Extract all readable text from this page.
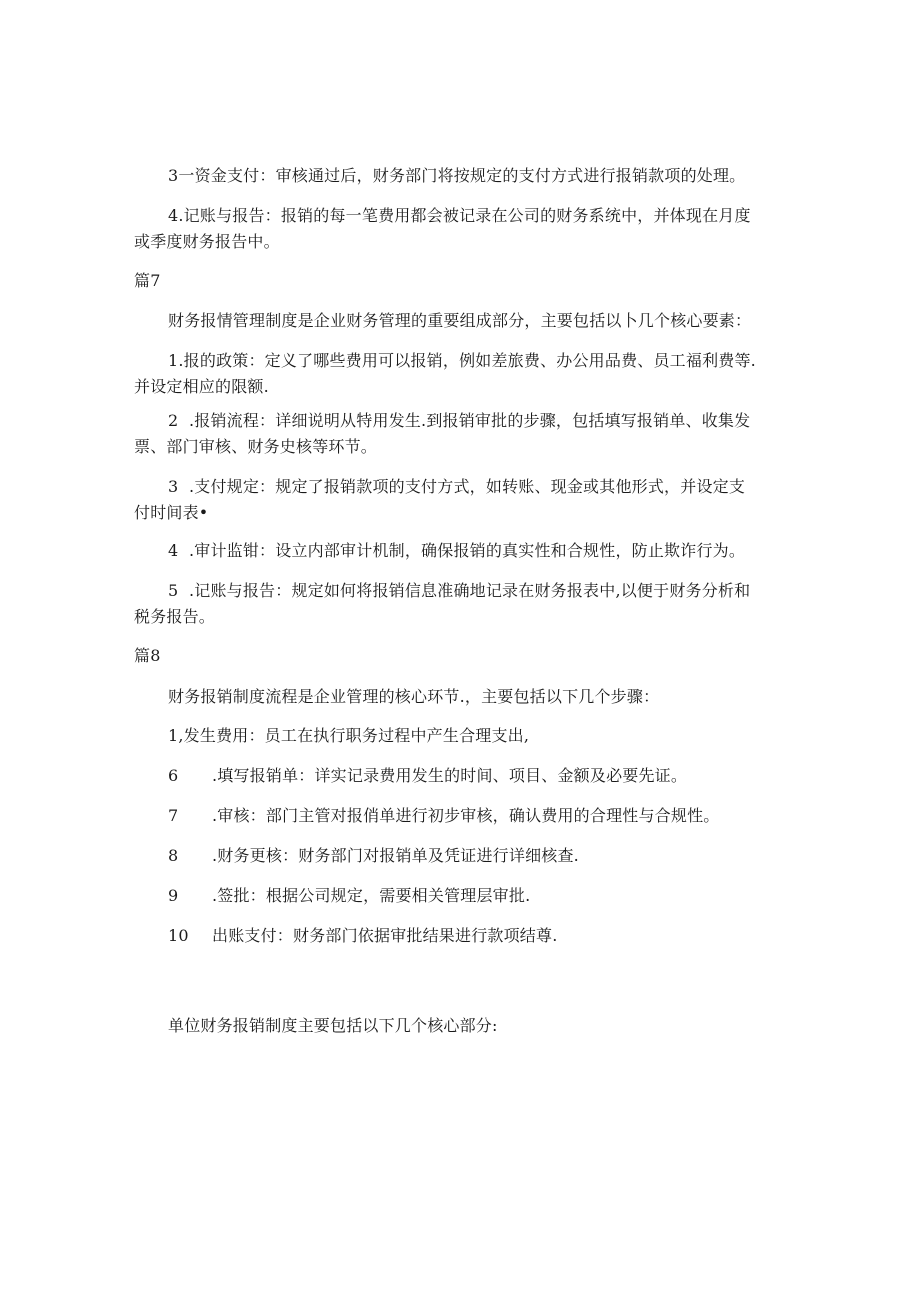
3一资金支付：审核通过后，财务部门将按规定的支付方式进行报销款项的处理。
4.记账与报告：报销的每一笔费用都会被记录在公司的财务系统中，并体现在月度
或季度财务报告中。
篇7
财务报情管理制度是企业财务管理的重要组成部分，主要包括以卜几个核心要素：
1.报的政策：定义了哪些费用可以报销，例如差旅费、办公用品费、员工福利费等.
并设定相应的限额.
2  .报销流程：详细说明从特用发生.到报销审批的步骤，包括填写报销单、收集发
票、部门审核、财务史核等环节。
3  .支付规定：规定了报销款项的支付方式，如转账、现金或其他形式，并设定支
付时间表•
4  .审计监钳：设立内部审计机制，确保报销的真实性和合规性，防止欺诈行为。
5  .记账与报告：规定如何将报销信息准确地记录在财务报表中,以便于财务分析和
税务报告。
篇8
财务报销制度流程是企业管理的核心环节.，主要包括以下几个步骤：
1,发生费用：员工在执行职务过程中产生合理支出,
6 .填写报销单：详实记录费用发生的时间、项目、金额及必要先证。
7 .审核：部门主管对报俏单进行初步审核，确认费用的合理性与合规性。
8 .财务更核：财务部门对报销单及凭证进行详细核查.
9 .签批：根据公司规定，需要相关管理层审批.
10 出账支付：财务部门依据审批结果进行款项结尊.
单位财务报销制度主要包括以下几个核心部分:
